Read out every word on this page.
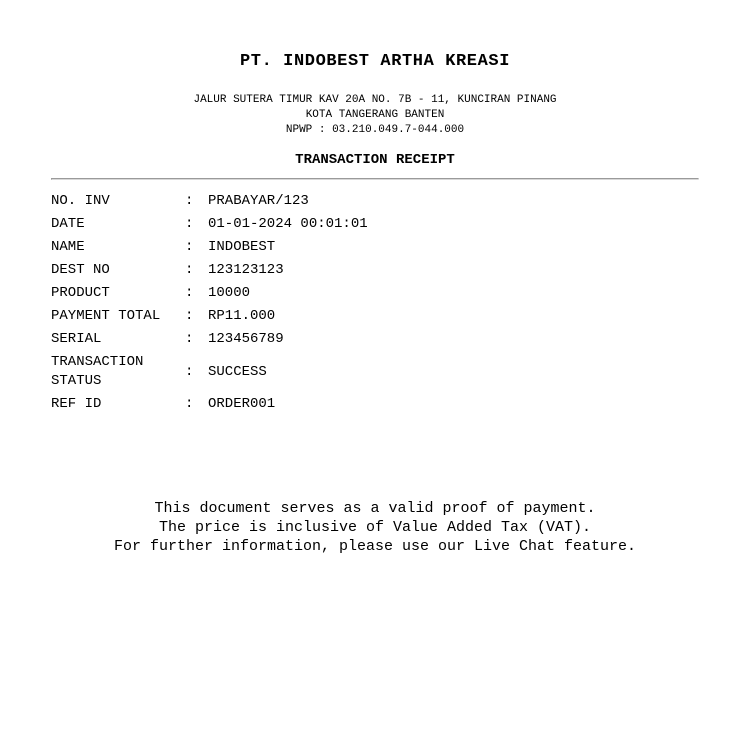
PT. INDOBEST ARTHA KREASI
JALUR SUTERA TIMUR KAV 20A NO. 7B - 11, KUNCIRAN PINANG
KOTA TANGERANG BANTEN
NPWP : 03.210.049.7-044.000
TRANSACTION RECEIPT
NO. INV	:	PRABAYAR/123
DATE	:	01-01-2024 00:01:01
NAME	:	INDOBEST
DEST NO	:	123123123
PRODUCT	:	10000
PAYMENT TOTAL	:	RP11.000
SERIAL	:	123456789
TRANSACTION STATUS	:	SUCCESS
REF ID	:	ORDER001
This document serves as a valid proof of payment.
The price is inclusive of Value Added Tax (VAT).
For further information, please use our Live Chat feature.
